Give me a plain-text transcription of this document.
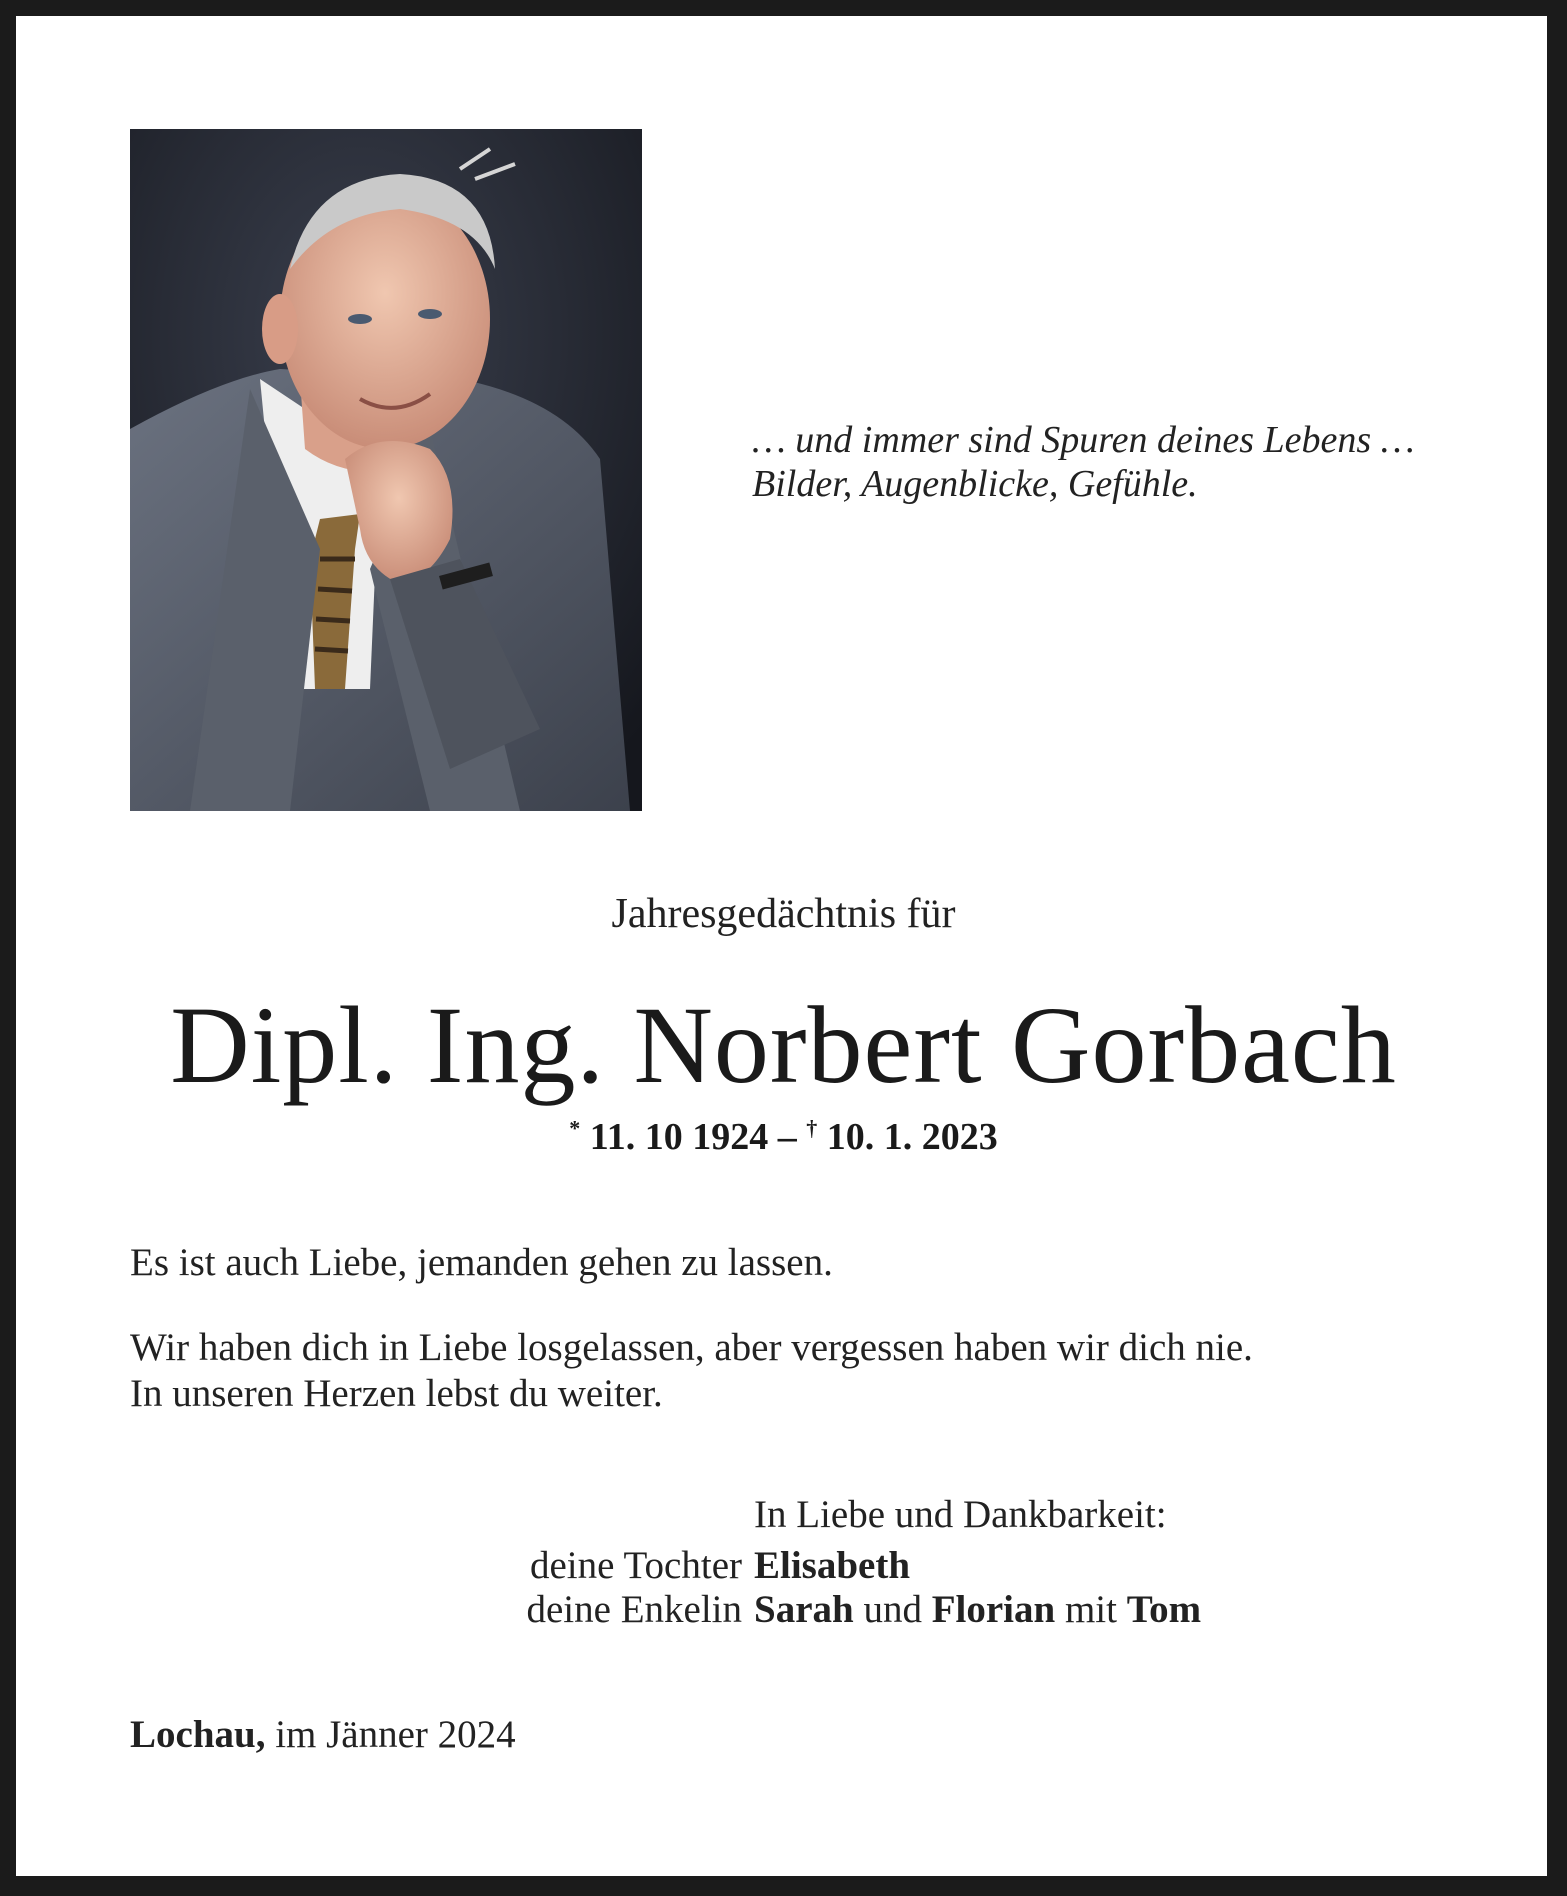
… und immer sind Spuren deines Lebens …
Bilder, Augenblicke, Gefühle.
Jahresgedächtnis für
Dipl. Ing. Norbert Gorbach
* 11. 10 1924 – † 10. 1. 2023
Es ist auch Liebe, jemanden gehen zu lassen.
Wir haben dich in Liebe losgelassen, aber vergessen haben wir dich nie.
In unseren Herzen lebst du weiter.
In Liebe und Dankbarkeit:
deine Tochter Elisabeth
deine Enkelin Sarah und Florian mit Tom
Lochau, im Jänner 2024
